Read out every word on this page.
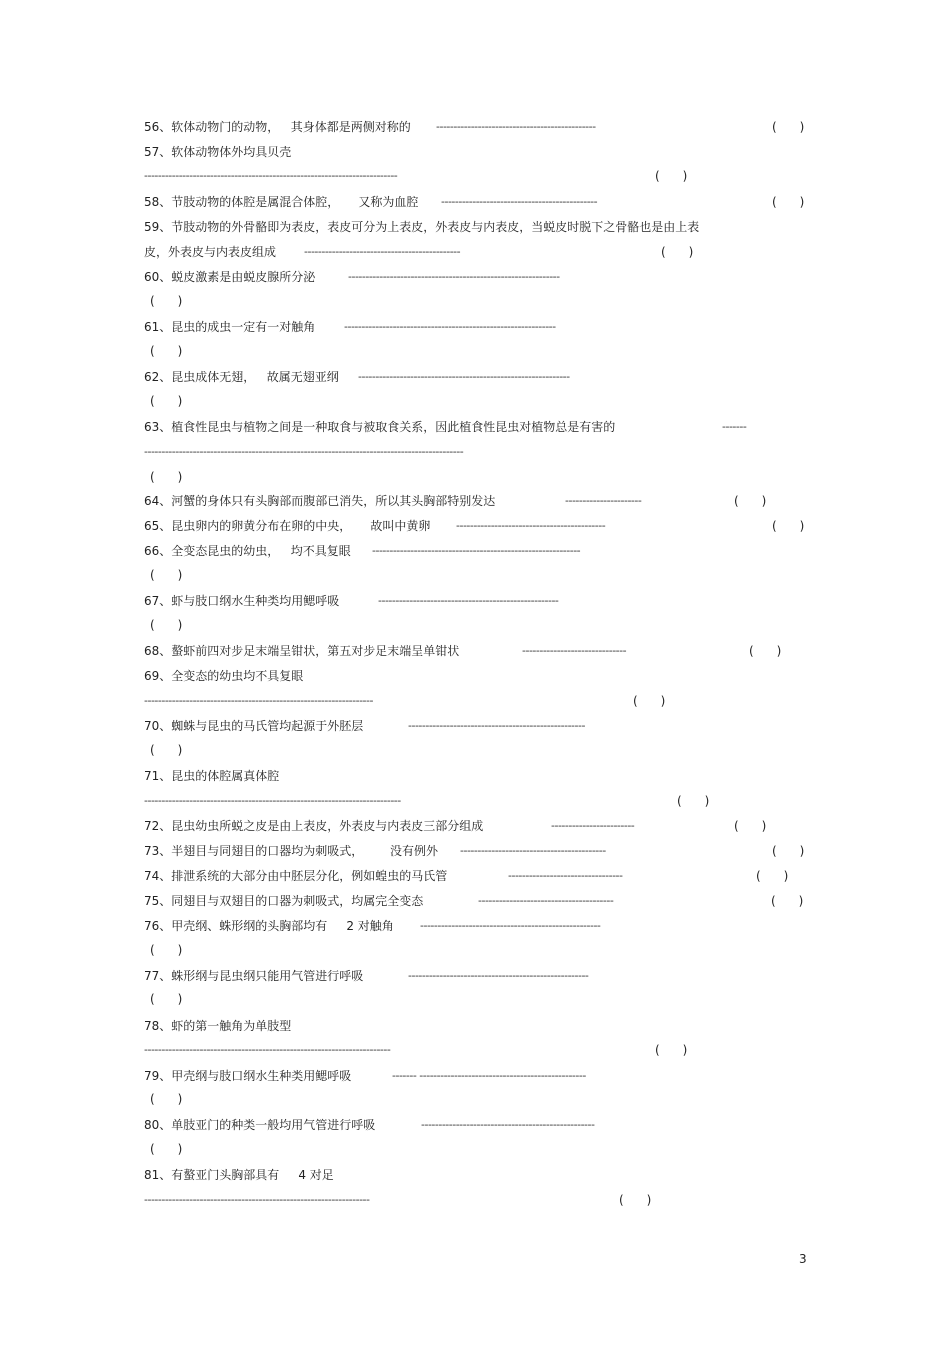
56、软体动物门的动物，   其身体都是两侧对称的 ----------------------------------------------	(      )
57、软体动物体外均具贝壳
-------------------------------------------------------------------------	(      )
58、节肢动物的体腔是属混合体腔，     又称为血腔 ---------------------------------------------	(      )
59、节肢动物的外骨骼即为表皮，表皮可分为上表皮，外表皮与内表皮，当蜕皮时脱下之骨骼也是由上表
皮，外表皮与内表皮组成	---------------------------------------------	(      )
60、蜕皮激素是由蜕皮腺所分泌	-------------------------------------------------------------
(      )
61、昆虫的成虫一定有一对触角	-------------------------------------------------------------
(      )
62、昆虫成体无翅，   故属无翅亚纲 -------------------------------------------------------------
(      )
63、植食性昆虫与植物之间是一种取食与被取食关系，因此植食性昆虫对植物总是有害的	-------
--------------------------------------------------------------------------------------------
(      )
64、河蟹的身体只有头胸部而腹部已消失，所以其头胸部特别发达	----------------------	(      )
65、昆虫卵内的卵黄分布在卵的中央，     故叫中黄卵 -------------------------------------------	(      )
66、全变态昆虫的幼虫，   均不具复眼 ------------------------------------------------------------
(      )
67、虾与肢口纲水生种类均用鳃呼吸	----------------------------------------------------
(      )
68、螯虾前四对步足末端呈钳状，第五对步足末端呈单钳状	------------------------------	(      )
69、全变态的幼虫均不具复眼
------------------------------------------------------------------	(      )
70、蜘蛛与昆虫的马氏管均起源于外胚层	---------------------------------------------------
(      )
71、昆虫的体腔属真体腔
--------------------------------------------------------------------------	(      )
72、昆虫幼虫所蜕之皮是由上表皮，外表皮与内表皮三部分组成	------------------------	(      )
73、半翅目与同翅目的口器均为刺吸式，       没有例外 ------------------------------------------	(      )
74、排泄系统的大部分由中胚层分化，例如蝗虫的马氏管	---------------------------------	(      )
75、同翅目与双翅目的口器为刺吸式，均属完全变态	---------------------------------------	(      )
76、甲壳纲、蛛形纲的头胸部均有     2 对触角 ----------------------------------------------------
(      )
77、蛛形纲与昆虫纲只能用气管进行呼吸	----------------------------------------------------
(      )
78、虾的第一触角为单肢型
-----------------------------------------------------------------------	(      )
79、甲壳纲与肢口纲水生种类用鳃呼吸	------- ------------------------------------------------
(      )
80、单肢亚门的种类一般均用气管进行呼吸	--------------------------------------------------
(      )
81、有螯亚门头胸部具有     4 对足
-----------------------------------------------------------------	(      )
3
